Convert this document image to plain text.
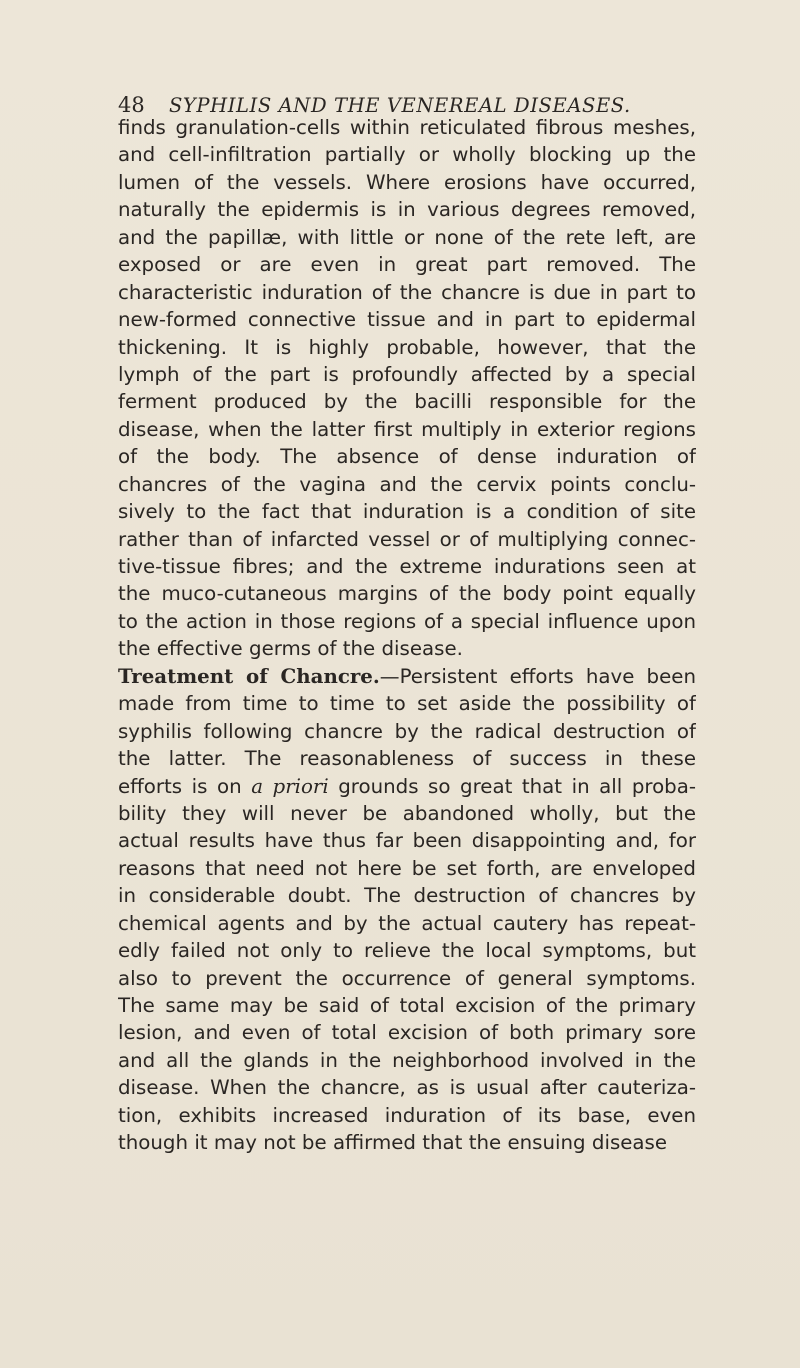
48 SYPHILIS AND THE VENEREAL DISEASES.
finds granulation-cells within reticulated fibrous meshes,
and cell-infiltration partially or wholly blocking up the
lumen of the vessels. Where erosions have occurred,
naturally the epidermis is in various degrees removed,
and the papillæ, with little or none of the rete left, are
exposed or are even in great part removed. The
characteristic induration of the chancre is due in part to
new-formed connective tissue and in part to epidermal
thickening. It is highly probable, however, that the
lymph of the part is profoundly affected by a special
ferment produced by the bacilli responsible for the
disease, when the latter first multiply in exterior regions
of the body. The absence of dense induration of
chancres of the vagina and the cervix points conclu-
sively to the fact that induration is a condition of site
rather than of infarcted vessel or of multiplying connec-
tive-tissue fibres; and the extreme indurations seen at
the muco-cutaneous margins of the body point equally
to the action in those regions of a special influence upon
the effective germs of the disease.
Treatment of Chancre.—Persistent efforts have been
made from time to time to set aside the possibility of
syphilis following chancre by the radical destruction of
the latter. The reasonableness of success in these
efforts is on a priori grounds so great that in all proba-
bility they will never be abandoned wholly, but the
actual results have thus far been disappointing and, for
reasons that need not here be set forth, are enveloped
in considerable doubt. The destruction of chancres by
chemical agents and by the actual cautery has repeat-
edly failed not only to relieve the local symptoms, but
also to prevent the occurrence of general symptoms.
The same may be said of total excision of the primary
lesion, and even of total excision of both primary sore
and all the glands in the neighborhood involved in the
disease. When the chancre, as is usual after cauteriza-
tion, exhibits increased induration of its base, even
though it may not be affirmed that the ensuing disease
